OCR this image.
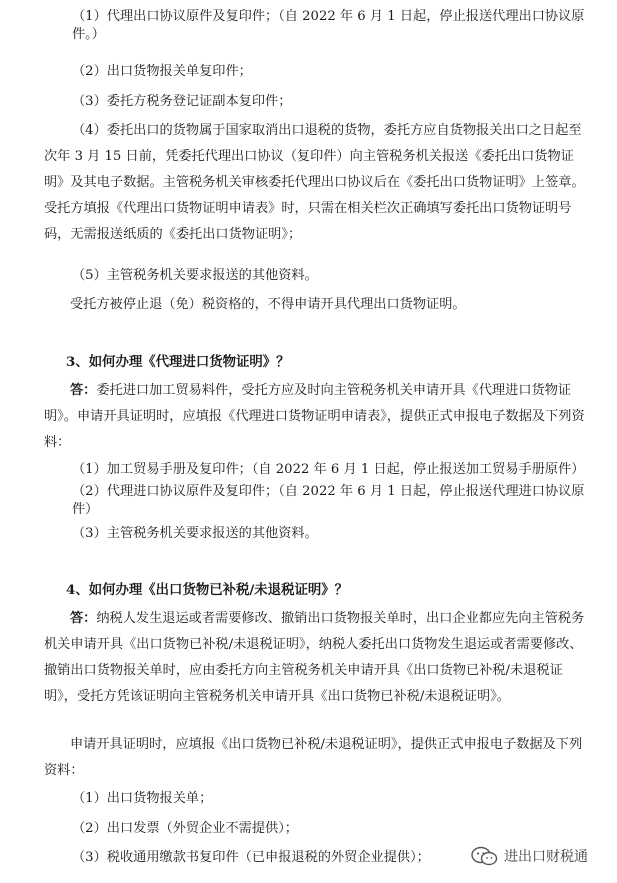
（1）代理出口协议原件及复印件；（自 2022 年 6 月 1 日起，停止报送代理出口协议原件。）

（2）出口货物报关单复印件；

（3）委托方税务登记证副本复印件；

（4）委托出口的货物属于国家取消出口退税的货物，委托方应自货物报关出口之日起至次年 3 月 15 日前，凭委托代理出口协议（复印件）向主管税务机关报送《委托出口货物证明》及其电子数据。主管税务机关审核委托代理出口协议后在《委托出口货物证明》上签章。受托方填报《代理出口货物证明申请表》时，只需在相关栏次正确填写委托出口货物证明号码，无需报送纸质的《委托出口货物证明》；

（5）主管税务机关要求报送的其他资料。

受托方被停止退（免）税资格的，不得申请开具代理出口货物证明。

3、如何办理《代理进口货物证明》？

答：委托进口加工贸易料件，受托方应及时向主管税务机关申请开具《代理进口货物证明》。申请开具证明时，应填报《代理进口货物证明申请表》，提供正式申报电子数据及下列资料：

（1）加工贸易手册及复印件；（自 2022 年 6 月 1 日起，停止报送加工贸易手册原件）

（2）代理进口协议原件及复印件；（自 2022 年 6 月 1 日起，停止报送代理进口协议原件）

（3）主管税务机关要求报送的其他资料。

4、如何办理《出口货物已补税/未退税证明》？

答：纳税人发生退运或者需要修改、撤销出口货物报关单时，出口企业都应先向主管税务机关申请开具《出口货物已补税/未退税证明》，纳税人委托出口货物发生退运或者需要修改、撤销出口货物报关单时，应由委托方向主管税务机关申请开具《出口货物已补税/未退税证明》，受托方凭该证明向主管税务机关申请开具《出口货物已补税/未退税证明》。

申请开具证明时，应填报《出口货物已补税/未退税证明》，提供正式申报电子数据及下列资料：

（1）出口货物报关单；

（2）出口发票（外贸企业不需提供）；

（3）税收通用缴款书复印件（已申报退税的外贸企业提供）；	进出口财税通
